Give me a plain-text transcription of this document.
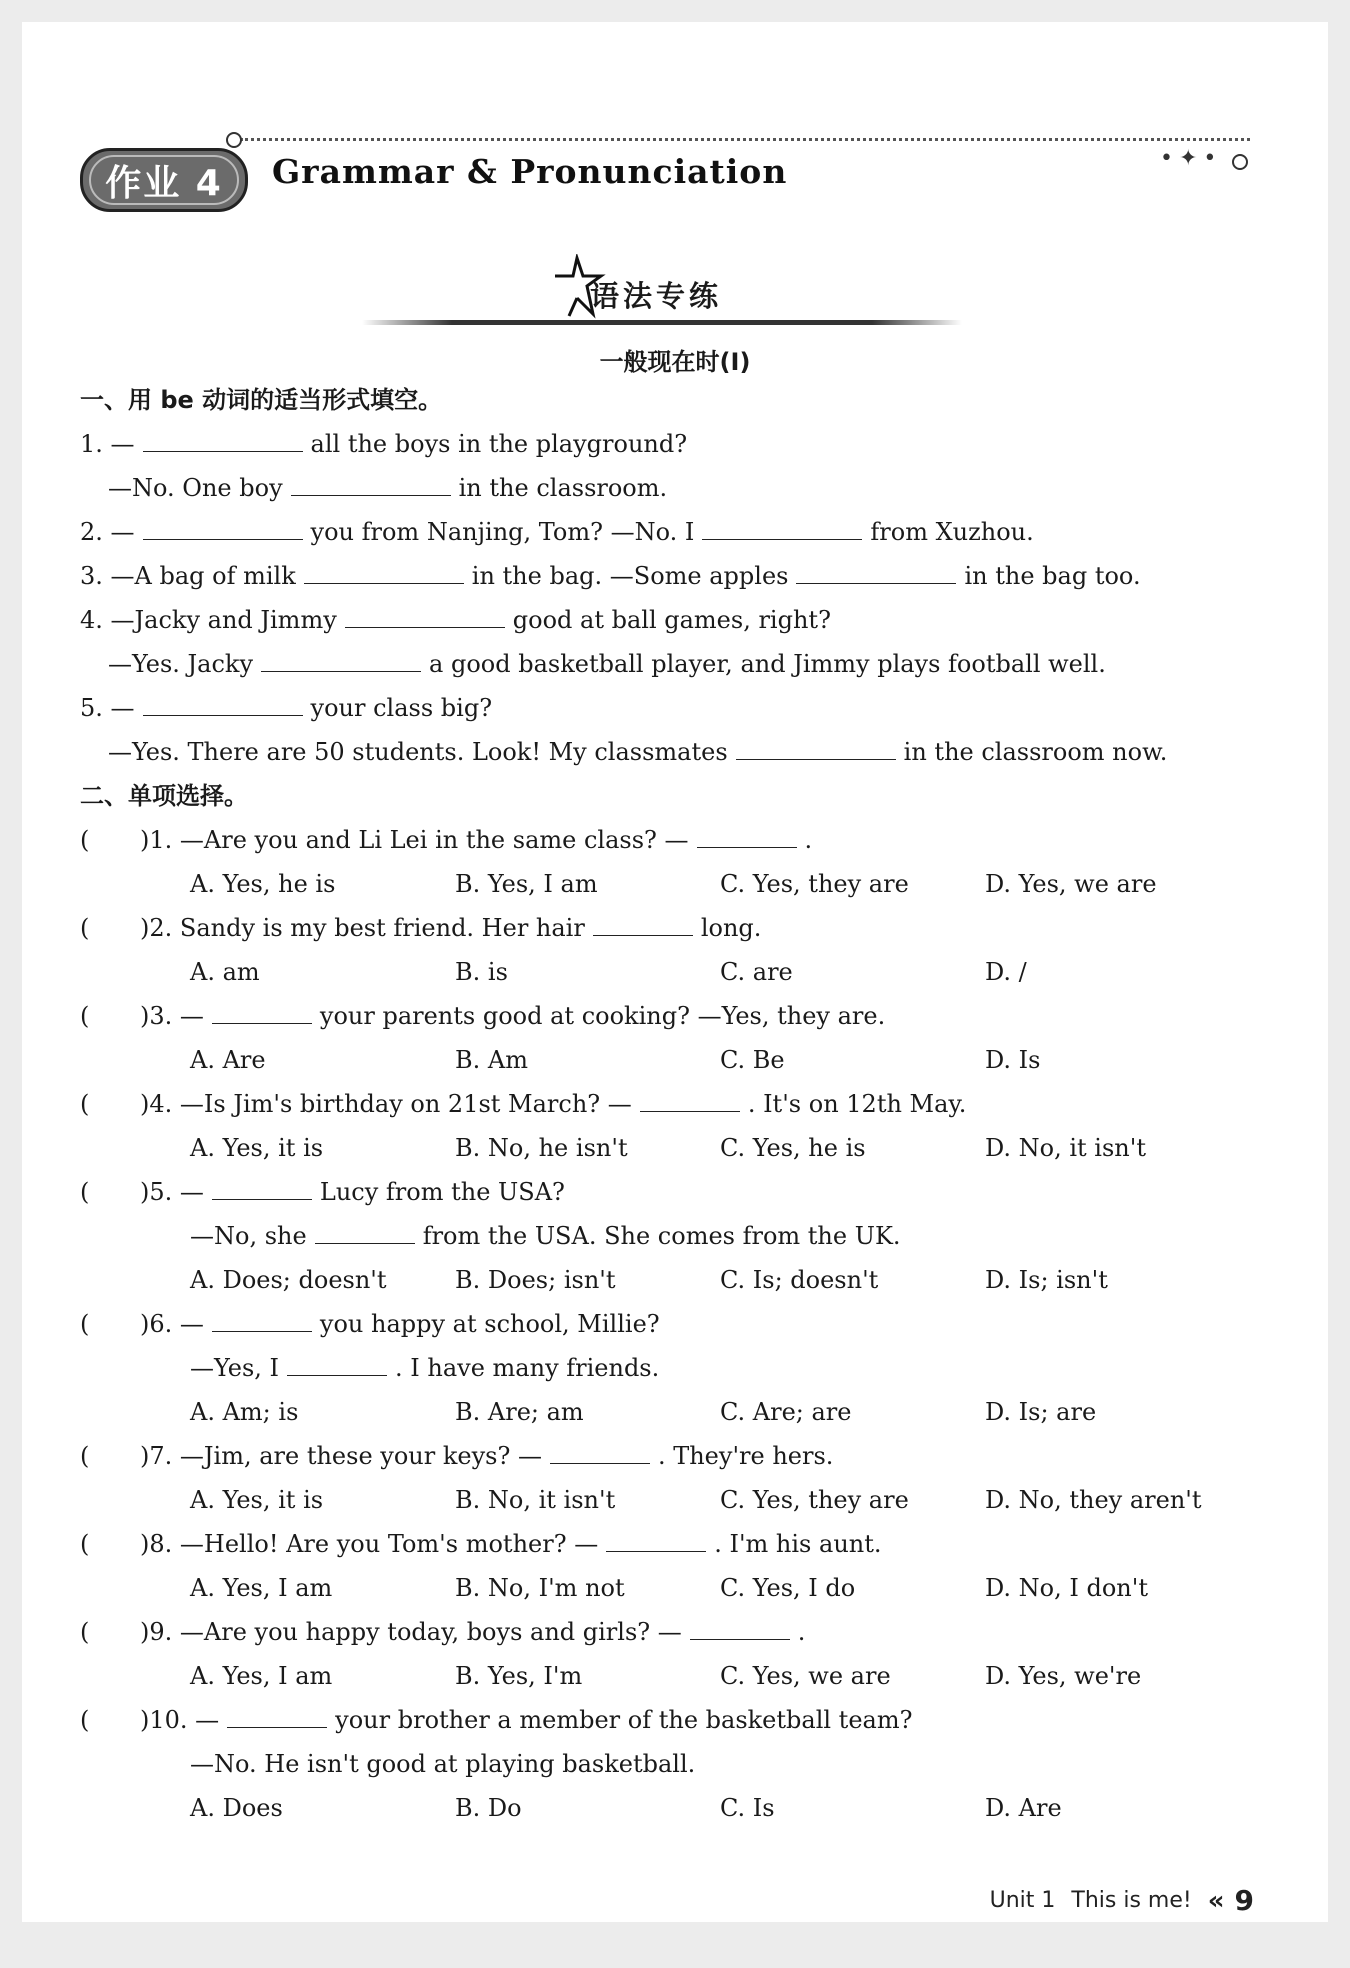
作业 4 Grammar & Pronunciation	•✦•
语法专练
一般现在时(Ⅰ)
一、用 be 动词的适当形式填空。
1. —	all the boys in the playground?
—No. One boy	in the classroom.
2. —	you from Nanjing, Tom? —No. I	from Xuzhou.
3. —A bag of milk	in the bag. —Some apples	in the bag too.
4. —Jacky and Jimmy	good at ball games, right?
—Yes. Jacky	a good basketball player, and Jimmy plays football well.
5. —	your class big?
—Yes. There are 50 students. Look! My classmates	in the classroom now.
二、单项选择。
( )1. —Are you and Li Lei in the same class? —	.
A. Yes, he is	B. Yes, I am	C. Yes, they are	D. Yes, we are
( )2. Sandy is my best friend. Her hair	long.
A. am	B. is	C. are	D. /
( )3. —	your parents good at cooking? —Yes, they are.
A. Are	B. Am	C. Be	D. Is
( )4. —Is Jim's birthday on 21st March? —	. It's on 12th May.
A. Yes, it is	B. No, he isn't	C. Yes, he is	D. No, it isn't
( )5. —	Lucy from the USA?
—No, she	from the USA. She comes from the UK.
A. Does; doesn't	B. Does; isn't	C. Is; doesn't	D. Is; isn't
( )6. —	you happy at school, Millie?
—Yes, I	. I have many friends.
A. Am; is	B. Are; am	C. Are; are	D. Is; are
( )7. —Jim, are these your keys? —	. They're hers.
A. Yes, it is	B. No, it isn't	C. Yes, they are	D. No, they aren't
( )8. —Hello! Are you Tom's mother? —	. I'm his aunt.
A. Yes, I am	B. No, I'm not	C. Yes, I do	D. No, I don't
( )9. —Are you happy today, boys and girls? —	.
A. Yes, I am	B. Yes, I'm	C. Yes, we are	D. Yes, we're
( )10. —	your brother a member of the basketball team?
—No. He isn't good at playing basketball.
A. Does	B. Do	C. Is	D. Are
Unit 1 This is me! « 9
